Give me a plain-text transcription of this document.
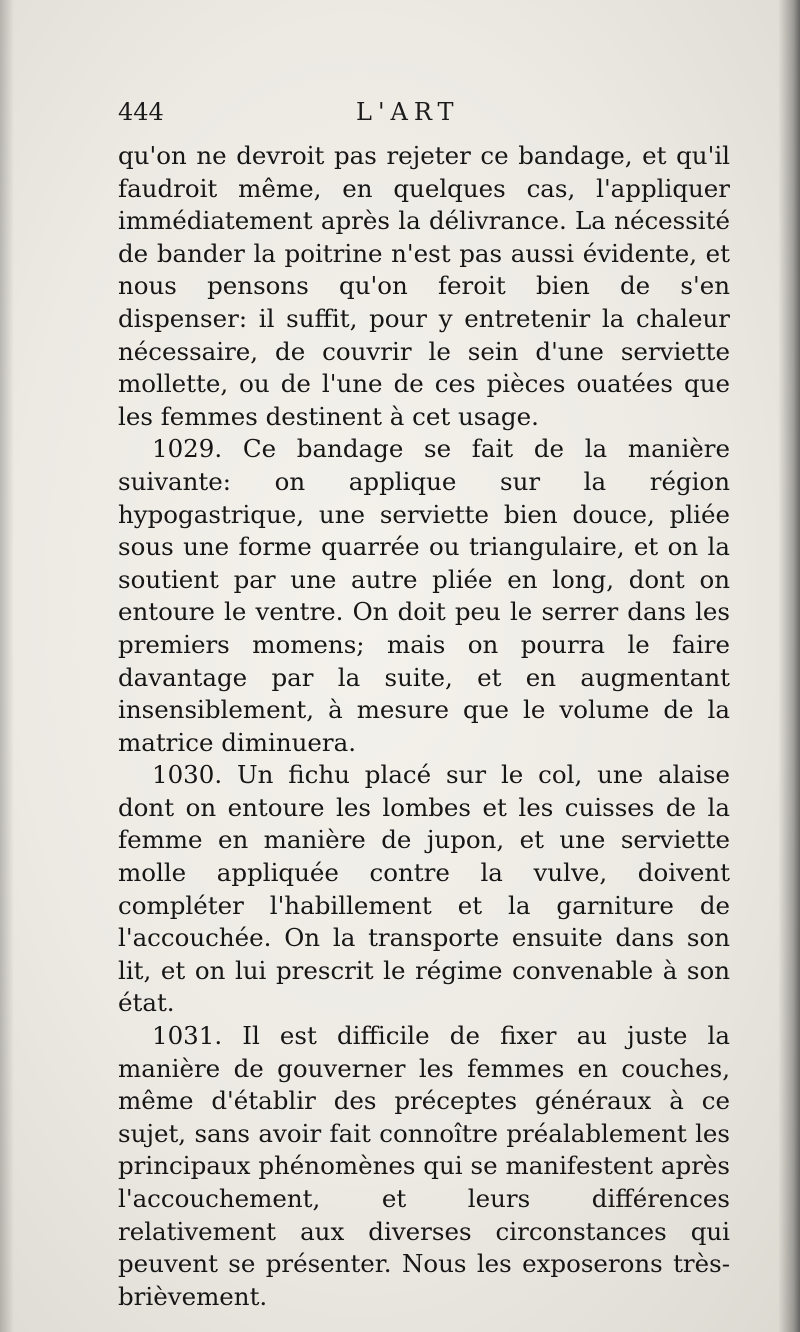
444	L'ART

qu'on ne devroit pas rejeter ce bandage, et qu'il faudroit même, en quelques cas, l'appliquer immédiatement après la délivrance. La nécessité de bander la poitrine n'est pas aussi évidente, et nous pensons qu'on feroit bien de s'en dispenser: il suffit, pour y entretenir la chaleur nécessaire, de couvrir le sein d'une serviette mollette, ou de l'une de ces pièces ouatées que les femmes destinent à cet usage.

1029. Ce bandage se fait de la manière suivante: on applique sur la région hypogastrique, une serviette bien douce, pliée sous une forme quarrée ou triangulaire, et on la soutient par une autre pliée en long, dont on entoure le ventre. On doit peu le serrer dans les premiers momens; mais on pourra le faire davantage par la suite, et en augmentant insensiblement, à mesure que le volume de la matrice diminuera.

1030. Un fichu placé sur le col, une alaise dont on entoure les lombes et les cuisses de la femme en manière de jupon, et une serviette molle appliquée contre la vulve, doivent compléter l'habillement et la garniture de l'accouchée. On la transporte ensuite dans son lit, et on lui prescrit le régime convenable à son état.

1031. Il est difficile de fixer au juste la manière de gouverner les femmes en couches, même d'établir des préceptes généraux à ce sujet, sans avoir fait connoître préalablement les principaux phénomènes qui se manifestent après l'accouchement, et leurs différences relativement aux diverses circonstances qui peuvent se présenter. Nous les exposerons très-brièvement.
